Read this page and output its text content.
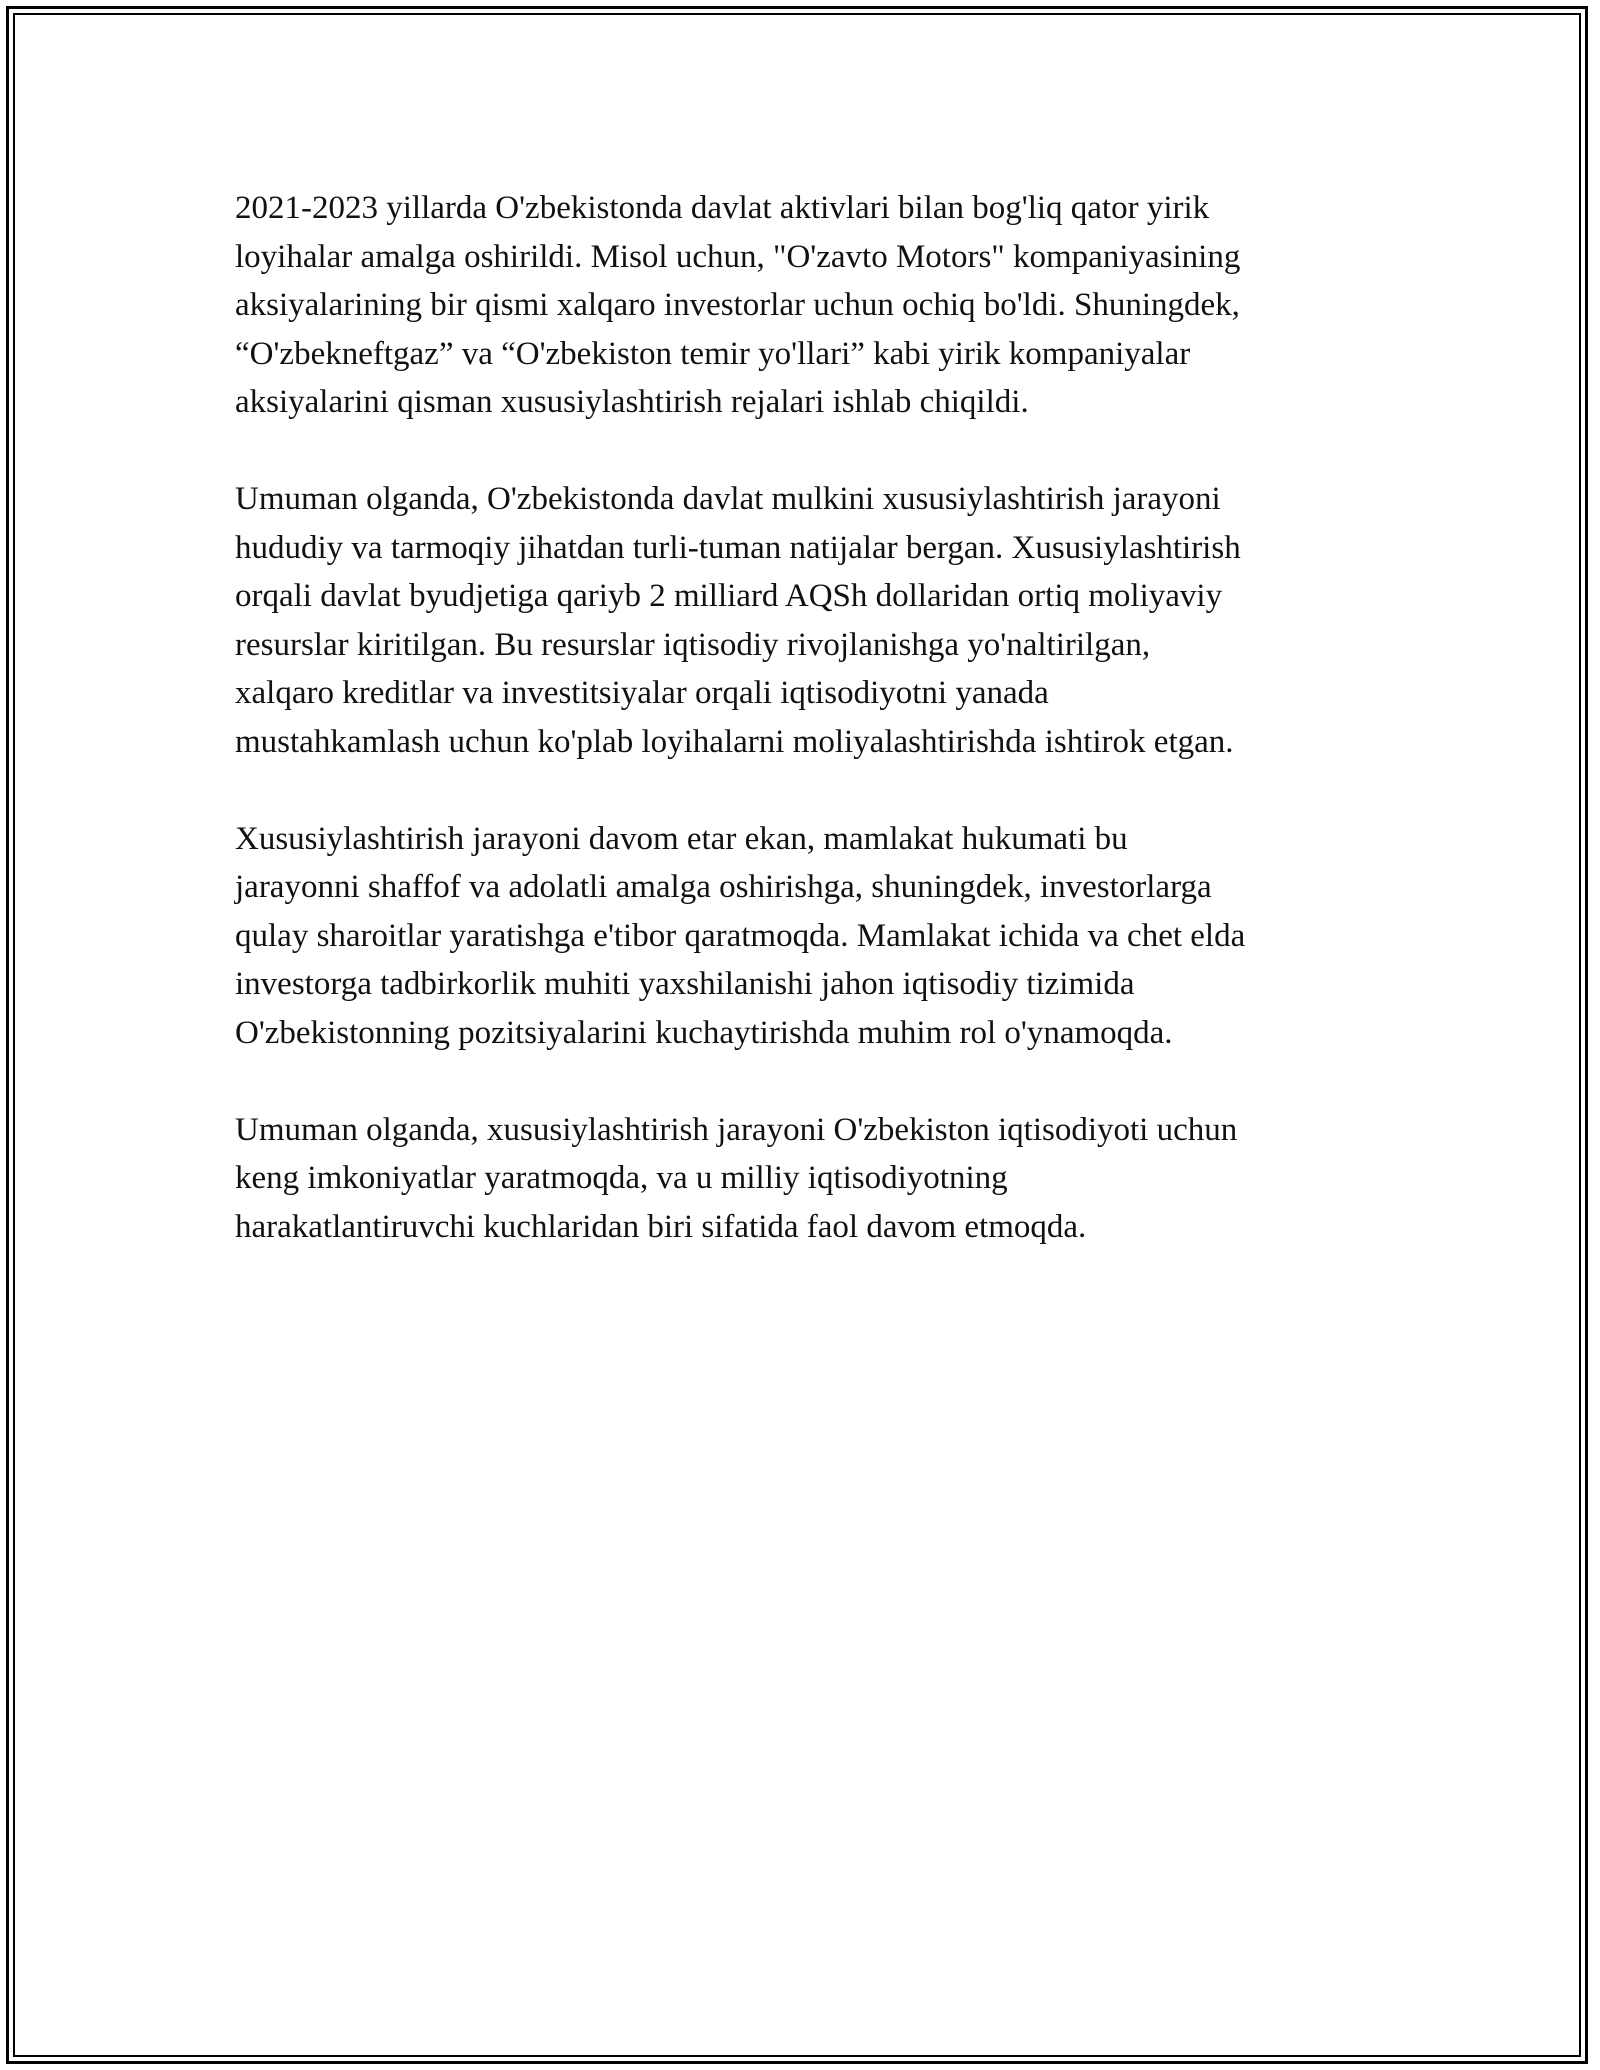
2021-2023 yillarda O'zbekistonda davlat aktivlari bilan bog'liq qator yirik
loyihalar amalga oshirildi. Misol uchun, "O'zavto Motors" kompaniyasining
aksiyalarining bir qismi xalqaro investorlar uchun ochiq bo'ldi. Shuningdek,
“O'zbekneftgaz” va “O'zbekiston temir yo'llari” kabi yirik kompaniyalar
aksiyalarini qisman xususiylashtirish rejalari ishlab chiqildi.

Umuman olganda, O'zbekistonda davlat mulkini xususiylashtirish jarayoni
hududiy va tarmoqiy jihatdan turli-tuman natijalar bergan. Xususiylashtirish
orqali davlat byudjetiga qariyb 2 milliard AQSh dollaridan ortiq moliyaviy
resurslar kiritilgan. Bu resurslar iqtisodiy rivojlanishga yo'naltirilgan,
xalqaro kreditlar va investitsiyalar orqali iqtisodiyotni yanada
mustahkamlash uchun ko'plab loyihalarni moliyalashtirishda ishtirok etgan.

Xususiylashtirish jarayoni davom etar ekan, mamlakat hukumati bu
jarayonni shaffof va adolatli amalga oshirishga, shuningdek, investorlarga
qulay sharoitlar yaratishga e'tibor qaratmoqda. Mamlakat ichida va chet elda
investorga tadbirkorlik muhiti yaxshilanishi jahon iqtisodiy tizimida
O'zbekistonning pozitsiyalarini kuchaytirishda muhim rol o'ynamoqda.

Umuman olganda, xususiylashtirish jarayoni O'zbekiston iqtisodiyoti uchun
keng imkoniyatlar yaratmoqda, va u milliy iqtisodiyotning
harakatlantiruvchi kuchlaridan biri sifatida faol davom etmoqda.
